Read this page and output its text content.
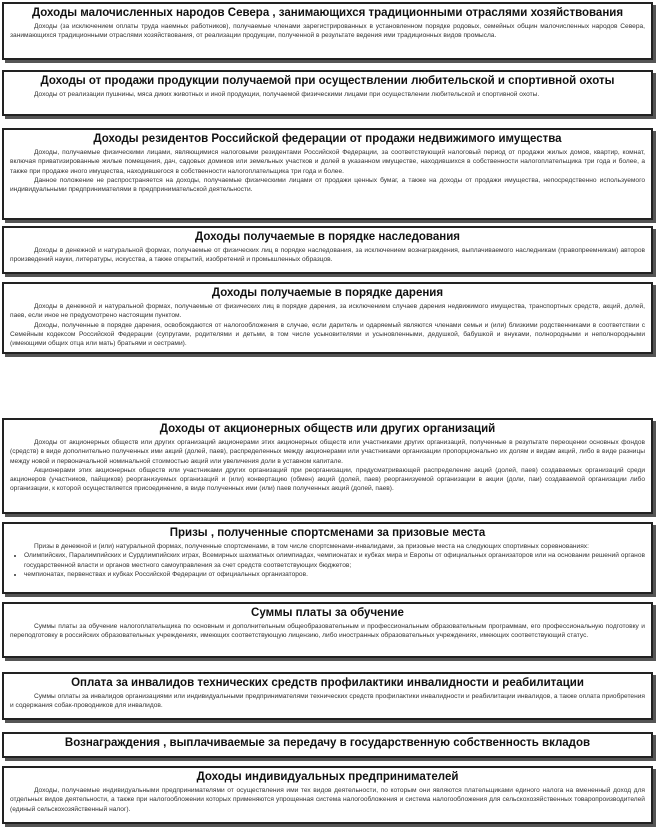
Доходы малочисленных народов Севера , занимающихся традиционными отраслями хозяйствования

Доходы (за исключением оплаты труда наемных работников), получаемые членами зарегистрированных в установленном порядке родовых, семейных общин малочисленных народов Севера, занимающихся традиционными отраслями хозяйствования, от реализации продукции, полученной в результате ведения ими традиционных видов промысла.

Доходы от продажи продукции получаемой при осуществлении любительской и спортивной охоты

Доходы от реализации пушнины, мяса диких животных и иной продукции, получаемой физическими лицами при осуществлении любительской и спортивной охоты.

Доходы резидентов Российской федерации от продажи недвижимого имущества

Доходы, получаемые физическими лицами, являющимися налоговыми резидентами Российской Федерации, за соответствующий налоговый период от продажи жилых домов, квартир, комнат, включая приватизированные жилые помещения, дач, садовых домиков или земельных участков и долей в указанном имуществе, находившихся в собственности налогоплательщика три года и более, а также при продаже иного имущества, находившегося в собственности налогоплательщика три года и более.

Данное положение не распространяется на доходы, получаемые физическими лицами от продажи ценных бумаг, а также на доходы от продажи имущества, непосредственно используемого индивидуальными предпринимателями в предпринимательской деятельности.

Доходы получаемые в порядке наследования

Доходы в денежной и натуральной формах, получаемые от физических лиц в порядке наследования, за исключением вознаграждения, выплачиваемого наследникам (правопреемникам) авторов произведений науки, литературы, искусства, а также открытий, изобретений и промышленных образцов.

Доходы получаемые в порядке дарения

Доходы в денежной и натуральной формах, получаемые от физических лиц в порядке дарения, за исключением случаев дарения недвижимого имущества, транспортных средств, акций, долей, паев, если иное не предусмотрено настоящим пунктом.

Доходы, полученные в порядке дарения, освобождаются от налогообложения в случае, если даритель и одаряемый являются членами семьи и (или) близкими родственниками в соответствии с Семейным кодексом Российской Федерации (супругами, родителями и детьми, в том числе усыновителями и усыновленными, дедушкой, бабушкой и внуками, полнородными и неполнородными (имеющими общих отца или мать) братьями и сестрами).

Доходы от акционерных обществ или других организаций

Доходы от акционерных обществ или других организаций акционерами этих акционерных обществ или участниками других организаций, полученные в результате переоценки основных фондов (средств) в виде дополнительно полученных ими акций (долей, паев), распределенных между акционерами или участниками организации пропорционально их долям и видам акций, либо в виде разницы между новой и первоначальной номинальной стоимостью акций или увеличения доли в уставном капитале.

Акционерами этих акционерных обществ или участниками других организаций при реорганизации, предусматривающей распределение акций (долей, паев) создаваемых организаций среди акционеров (участников, пайщиков) реорганизуемых организаций и (или) конвертацию (обмен) акций (долей, паев) реорганизуемой организации в акции (доли, паи) создаваемой организации либо организации, к которой осуществляется присоединение, в виде полученных ими (или) паев полученных акций (долей, паев).

Призы , полученные спортсменами за призовые места

Призы в денежной и (или) натуральной формах, полученные спортсменами, в том числе спортсменами-инвалидами, за призовые места на следующих спортивных соревнованиях:

• Олимпийских, Паралимпийских и Сурдлимпийских играх, Всемирных шахматных олимпиадах, чемпионатах и кубках мира и Европы от официальных организаторов или на основании решений органов государственной власти и органов местного самоуправления за счет средств соответствующих бюджетов;
• чемпионатах, первенствах и кубках Российской Федерации от официальных организаторов.
Суммы платы за обучение

Суммы платы за обучение налогоплательщика по основным и дополнительным общеобразовательным и профессиональным образовательным программам, его профессиональную подготовку и переподготовку в российских образовательных учреждениях, имеющих соответствующую лицензию, либо иностранных образовательных учреждениях, имеющих соответствующий статус.

Оплата за инвалидов технических средств профилактики инвалидности и реабилитации

Суммы оплаты за инвалидов организациями или индивидуальными предпринимателями технических средств профилактики инвалидности и реабилитации инвалидов, а также оплата приобретения и содержания собак-проводников для инвалидов.

Вознаграждения , выплачиваемые за передачу в государственную собственность вкладов
Доходы индивидуальных предпринимателей

Доходы, получаемые индивидуальными предпринимателями от осуществления ими тех видов деятельности, по которым они являются плательщиками единого налога на вмененный доход для отдельных видов деятельности, а также при налогообложении которых применяются упрощенная система налогообложения и система налогообложения для сельскохозяйственных товаропроизводителей (единый сельскохозяйственный налог).
